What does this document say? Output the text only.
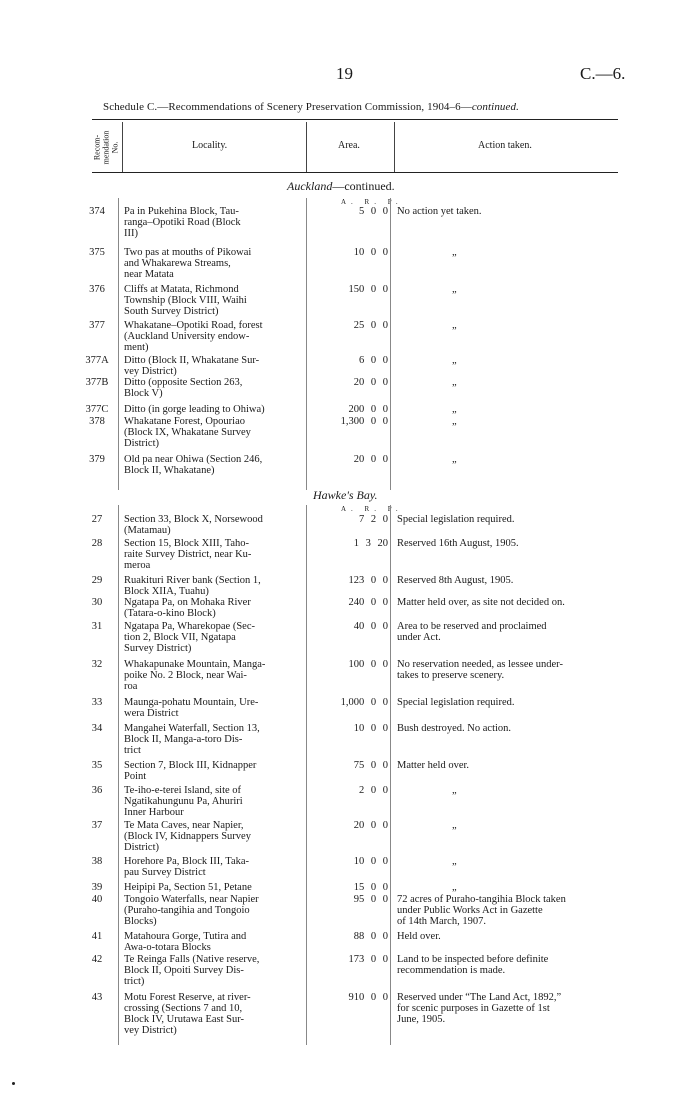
19	C.—6.
Schedule C.—Recommendations of Scenery Preservation Commission, 1904–6—continued.
Recom-
mendation
No.	Locality.	Area.	Action taken.
Auckland—continued.
A. R. P.
374	Pa in Pukehina Block, Tau-
ranga–Opotiki Road (Block
III)
5 0 0 No action yet taken.
375	Two pas at mouths of Pikowai
and Whakarewa Streams,
near Matata
10 0 0	„
376	Cliffs at Matata, Richmond
Township (Block VIII, Waihi
South Survey District)
150 0 0	„
377	Whakatane–Opotiki Road, forest
(Auckland University endow-
ment)
25 0 0	„
377A	Ditto (Block II, Whakatane Sur-
vey District)
6 0 0	„
377B	Ditto (opposite Section 263,
Block V)
20 0 0	„
377C	Ditto (in gorge leading to Ohiwa)	200 0 0	„
378	Whakatane Forest, Opouriao
(Block IX, Whakatane Survey
District)
1,300 0 0	„
379	Old pa near Ohiwa (Section 246,
Block II, Whakatane)
20 0 0	„
Hawke's Bay.
A. R. P.
27	Section 33, Block X, Norsewood
(Matamau)
7 2 0 Special legislation required.
28	Section 15, Block XIII, Taho-
raite Survey District, near Ku-
meroa
1 3 20 Reserved 16th August, 1905.
29	Ruakituri River bank (Section 1,
Block XIIA, Tuahu)
123 0 0 Reserved 8th August, 1905.
30	Ngatapa Pa, on Mohaka River
(Tatara-o-kino Block)
240 0 0 Matter held over, as site not decided on.
31	Ngatapa Pa, Wharekopae (Sec-
tion 2, Block VII, Ngatapa
Survey District)
40 0 0 Area to be reserved and proclaimed
under Act.
32	Whakapunake Mountain, Manga-
poike No. 2 Block, near Wai-
roa
100 0 0 No reservation needed, as lessee under-
takes to preserve scenery.
33	Maunga-pohatu Mountain, Ure-
wera District
1,000 0 0 Special legislation required.
34	Mangahei Waterfall, Section 13,
Block II, Manga-a-toro Dis-
trict
10 0 0 Bush destroyed. No action.
35	Section 7, Block III, Kidnapper
Point
75 0 0 Matter held over.
36	Te-iho-e-terei Island, site of
Ngatikahungunu Pa, Ahuriri
Inner Harbour
2 0 0	„
37	Te Mata Caves, near Napier,
(Block IV, Kidnappers Survey
District)
20 0 0	„
38	Horehore Pa, Block III, Taka-
pau Survey District
10 0 0	„
39	Heipipi Pa, Section 51, Petane	15 0 0	„
40	Tongoio Waterfalls, near Napier
(Puraho-tangihia and Tongoio
Blocks)
95 0 0 72 acres of Puraho-tangihia Block taken
under Public Works Act in Gazette
of 14th March, 1907.
41	Matahoura Gorge, Tutira and
Awa-o-totara Blocks
88 0 0 Held over.
42	Te Reinga Falls (Native reserve,
Block II, Opoiti Survey Dis-
trict)
173 0 0 Land to be inspected before definite
recommendation is made.
43	Motu Forest Reserve, at river-
crossing (Sections 7 and 10,
Block IV, Urutawa East Sur-
vey District)
910 0 0 Reserved under “The Land Act, 1892,”
for scenic purposes in Gazette of 1st
June, 1905.
